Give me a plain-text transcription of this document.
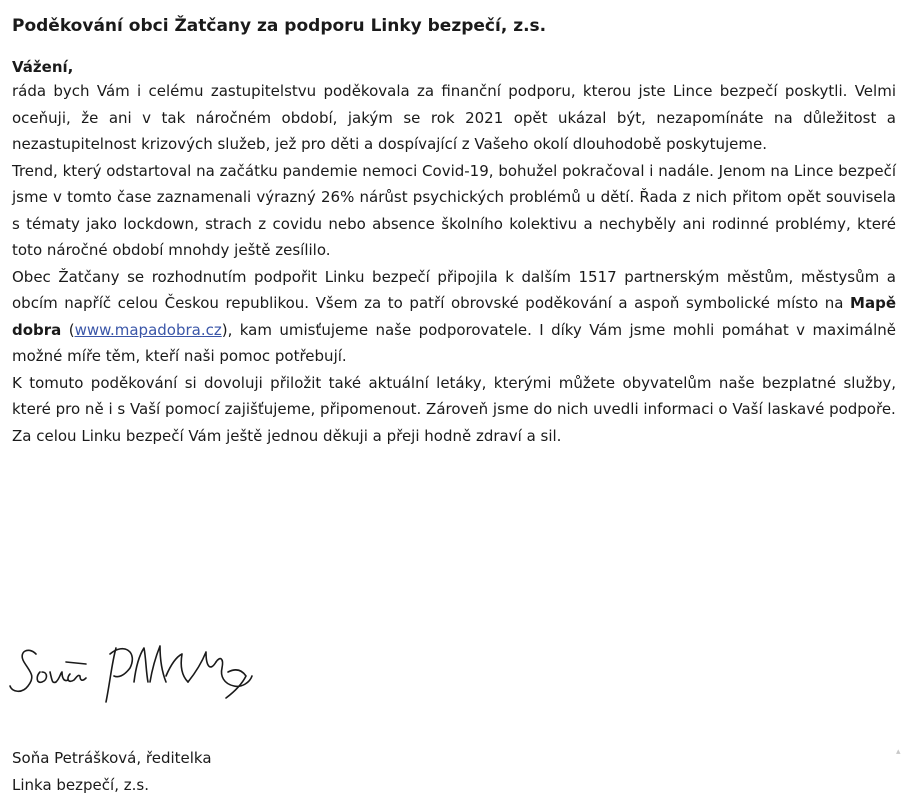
Poděkování obci Žatčany za podporu Linky bezpečí, z.s.
Vážení,

ráda bych Vám i celému zastupitelstvu poděkovala za finanční podporu, kterou jste Lince bezpečí poskytli. Velmi oceňuji, že ani v tak náročném období, jakým se rok 2021 opět ukázal být, nezapomínáte na důležitost a nezastupitelnost krizových služeb, jež pro děti a dospívající z Vašeho okolí dlouhodobě poskytujeme.

Trend, který odstartoval na začátku pandemie nemoci Covid-19, bohužel pokračoval i nadále. Jenom na Lince bezpečí jsme v tomto čase zaznamenali výrazný 26% nárůst psychických problémů u dětí. Řada z nich přitom opět souvisela s tématy jako lockdown, strach z covidu nebo absence školního kolektivu a nechyběly ani rodinné problémy, které toto náročné období mnohdy ještě zesílilo.

Obec Žatčany se rozhodnutím podpořit Linku bezpečí připojila k dalším 1517 partnerským městům, městysům a obcím napříč celou Českou republikou. Všem za to patří obrovské poděkování a aspoň symbolické místo na Mapě dobra (www.mapadobra.cz), kam umisťujeme naše podporovatele. I díky Vám jsme mohli pomáhat v maximálně možné míře těm, kteří naši pomoc potřebují.

K tomuto poděkování si dovoluji přiložit také aktuální letáky, kterými můžete obyvatelům naše bezplatné služby, které pro ně i s Vaší pomocí zajišťujeme, připomenout. Zároveň jsme do nich uvedli informaci o Vaší laskavé podpoře.

Za celou Linku bezpečí Vám ještě jednou děkuji a přeji hodně zdraví a sil.

Soňa Petrášková, ředitelka
Linka bezpečí, z.s.
▴
